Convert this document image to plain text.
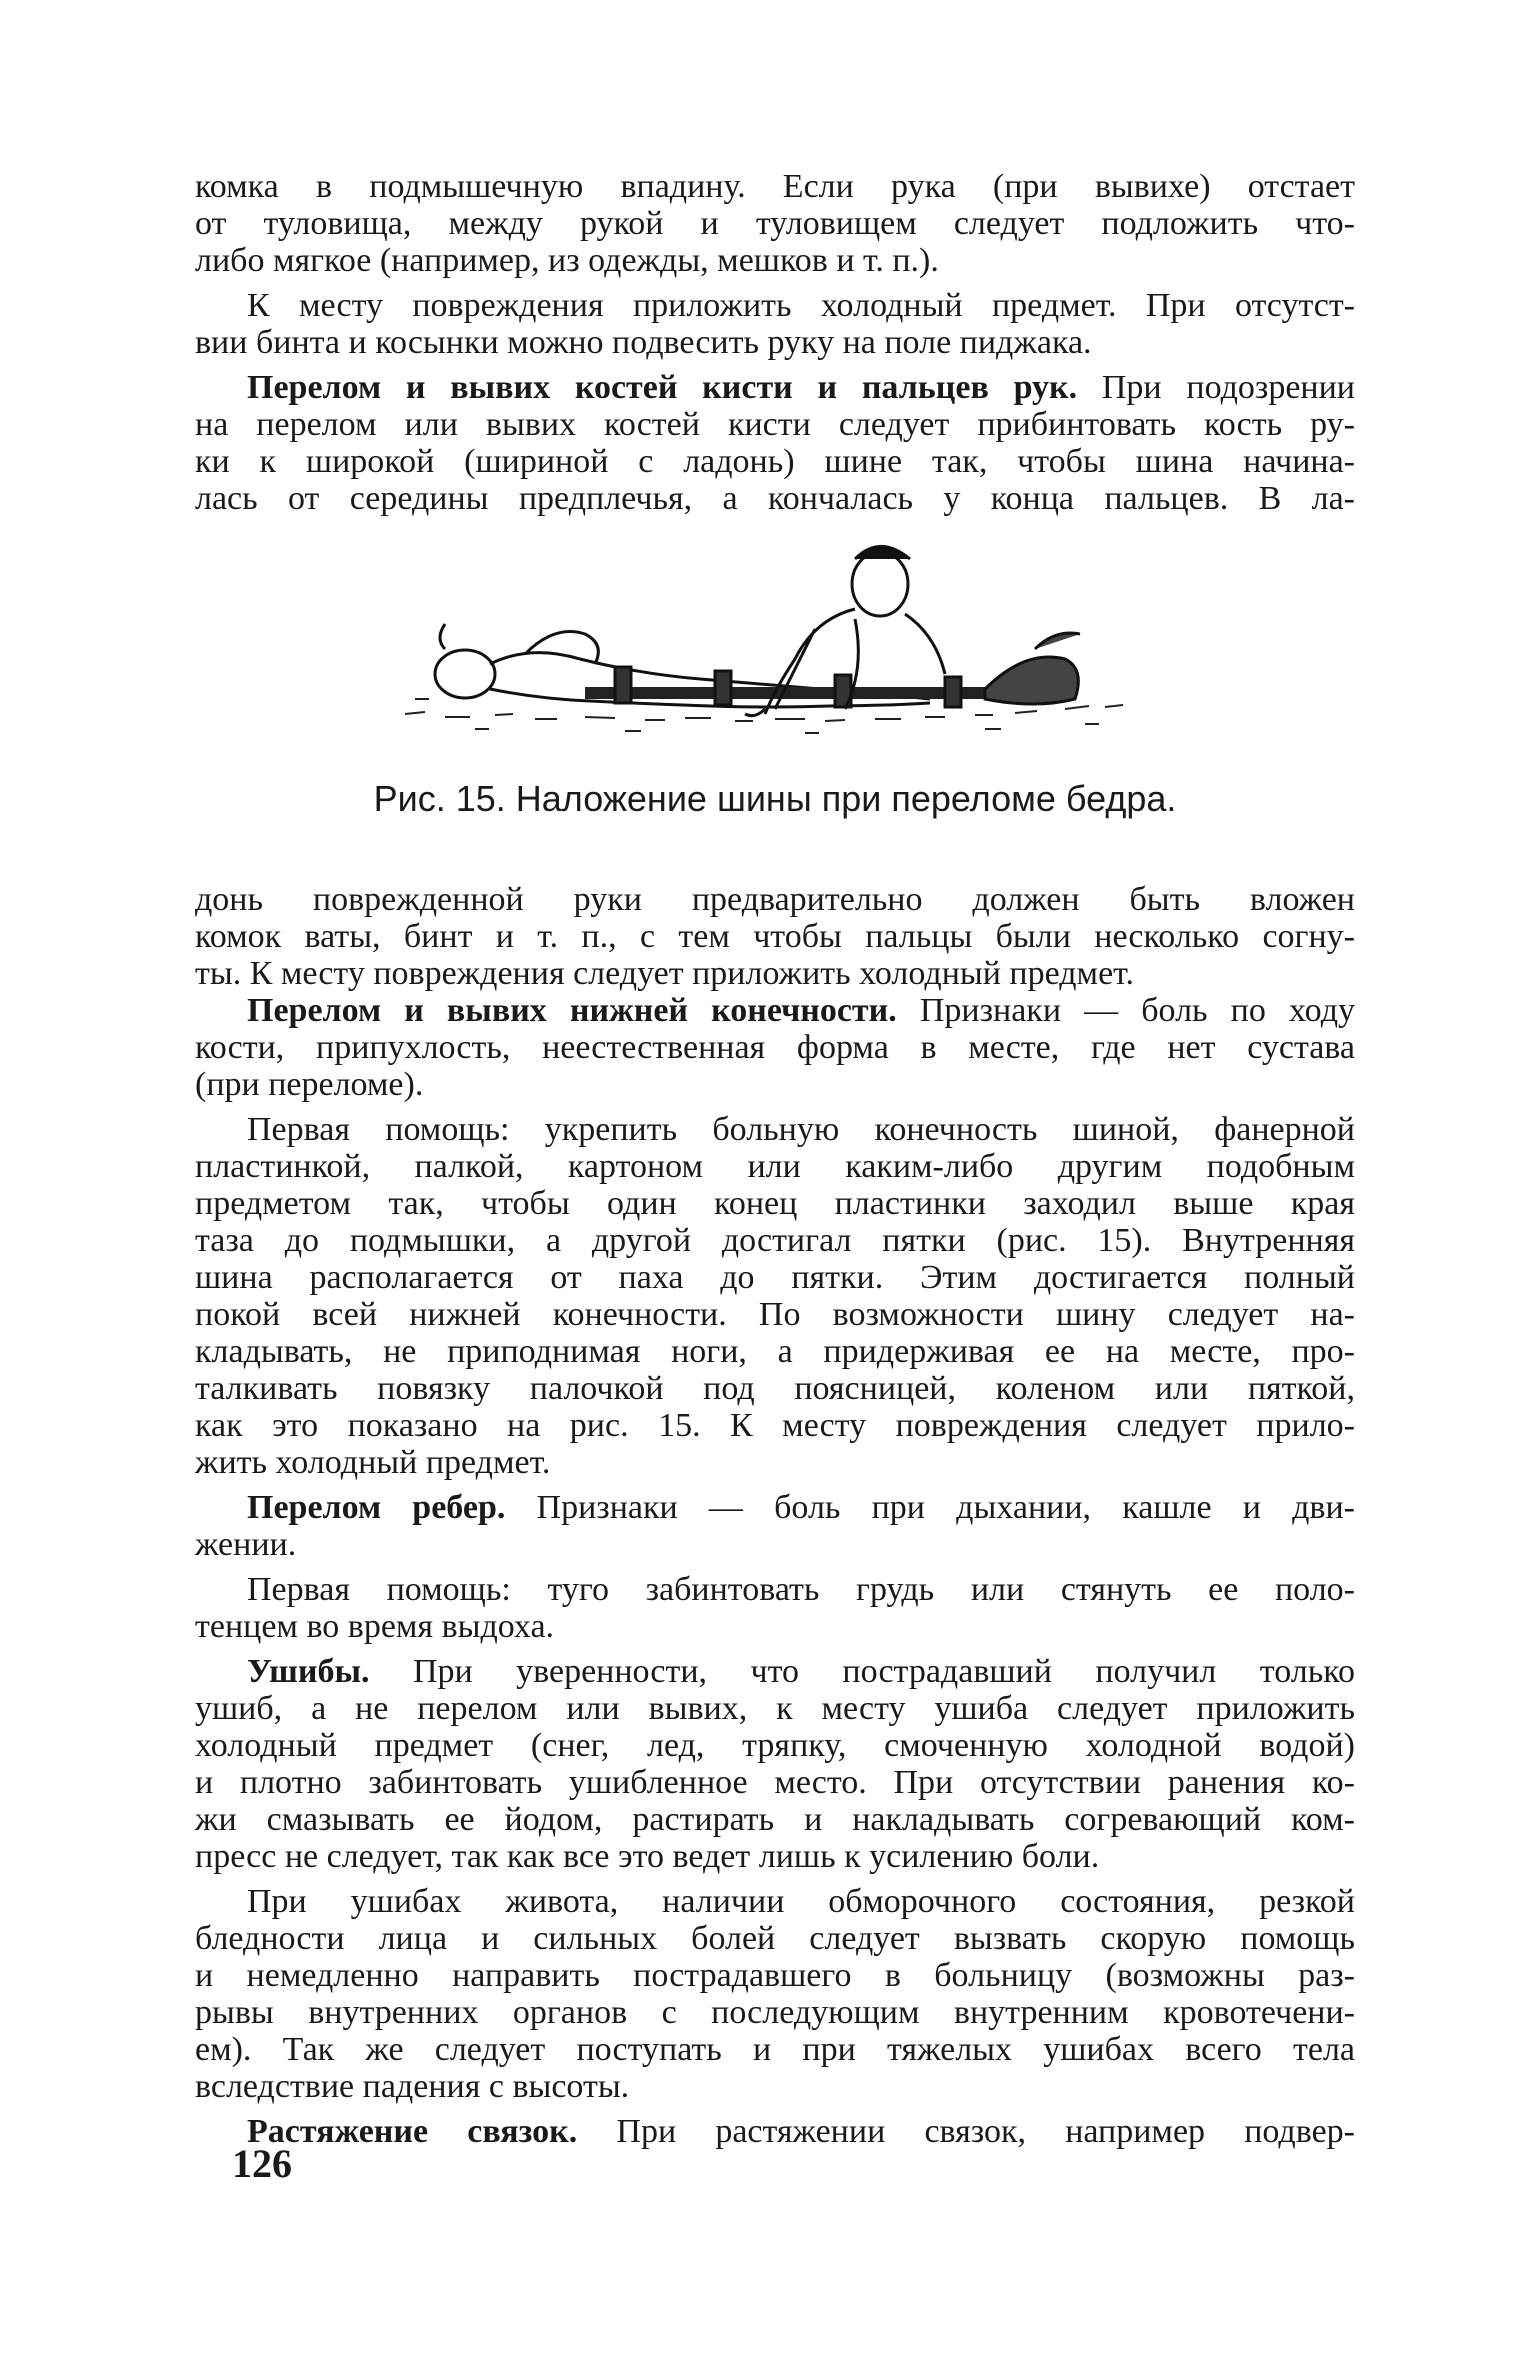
комка в подмышечную впадину. Если рука (при вывихе) отстает

от туловища, между рукой и туловищем следует подложить что-

либо мягкое (например, из одежды, мешков и т. п.).

К месту повреждения приложить холодный предмет. При отсутст-

вии бинта и косынки можно подвесить руку на поле пиджака.

Перелом и вывих костей кисти и пальцев рук. При подозрении

на перелом или вывих костей кисти следует прибинтовать кость ру-

ки к широкой (шириной с ладонь) шине так, чтобы шина начина-

лась от середины предплечья, а кончалась у конца пальцев. В ла-

Рис. 15. Наложение шины при переломе бедра.

донь поврежденной руки предварительно должен быть вложен

комок ваты, бинт и т. п., с тем чтобы пальцы были несколько согну-

ты. К месту повреждения следует приложить холодный предмет.

Перелом и вывих нижней конечности. Признаки — боль по ходу

кости, припухлость, неестественная форма в месте, где нет сустава

(при переломе).

Первая помощь: укрепить больную конечность шиной, фанерной

пластинкой, палкой, картоном или каким-либо другим подобным

предметом так, чтобы один конец пластинки заходил выше края

таза до подмышки, а другой достигал пятки (рис. 15). Внутренняя

шина располагается от паха до пятки. Этим достигается полный

покой всей нижней конечности. По возможности шину следует на-

кладывать, не приподнимая ноги, а придерживая ее на месте, про-

талкивать повязку палочкой под поясницей, коленом или пяткой,

как это показано на рис. 15. К месту повреждения следует прило-

жить холодный предмет.

Перелом ребер. Признаки — боль при дыхании, кашле и дви-

жении.

Первая помощь: туго забинтовать грудь или стянуть ее поло-

тенцем во время выдоха.

Ушибы. При уверенности, что пострадавший получил только

ушиб, а не перелом или вывих, к месту ушиба следует приложить

холодный предмет (снег, лед, тряпку, смоченную холодной водой)

и плотно забинтовать ушибленное место. При отсутствии ранения ко-

жи смазывать ее йодом, растирать и накладывать согревающий ком-

пресс не следует, так как все это ведет лишь к усилению боли.

При ушибах живота, наличии обморочного состояния, резкой

бледности лица и сильных болей следует вызвать скорую помощь

и немедленно направить пострадавшего в больницу (возможны раз-

рывы внутренних органов с последующим внутренним кровотечени-

ем). Так же следует поступать и при тяжелых ушибах всего тела

вследствие падения с высоты.

Растяжение связок. При растяжении связок, например подвер-

126
